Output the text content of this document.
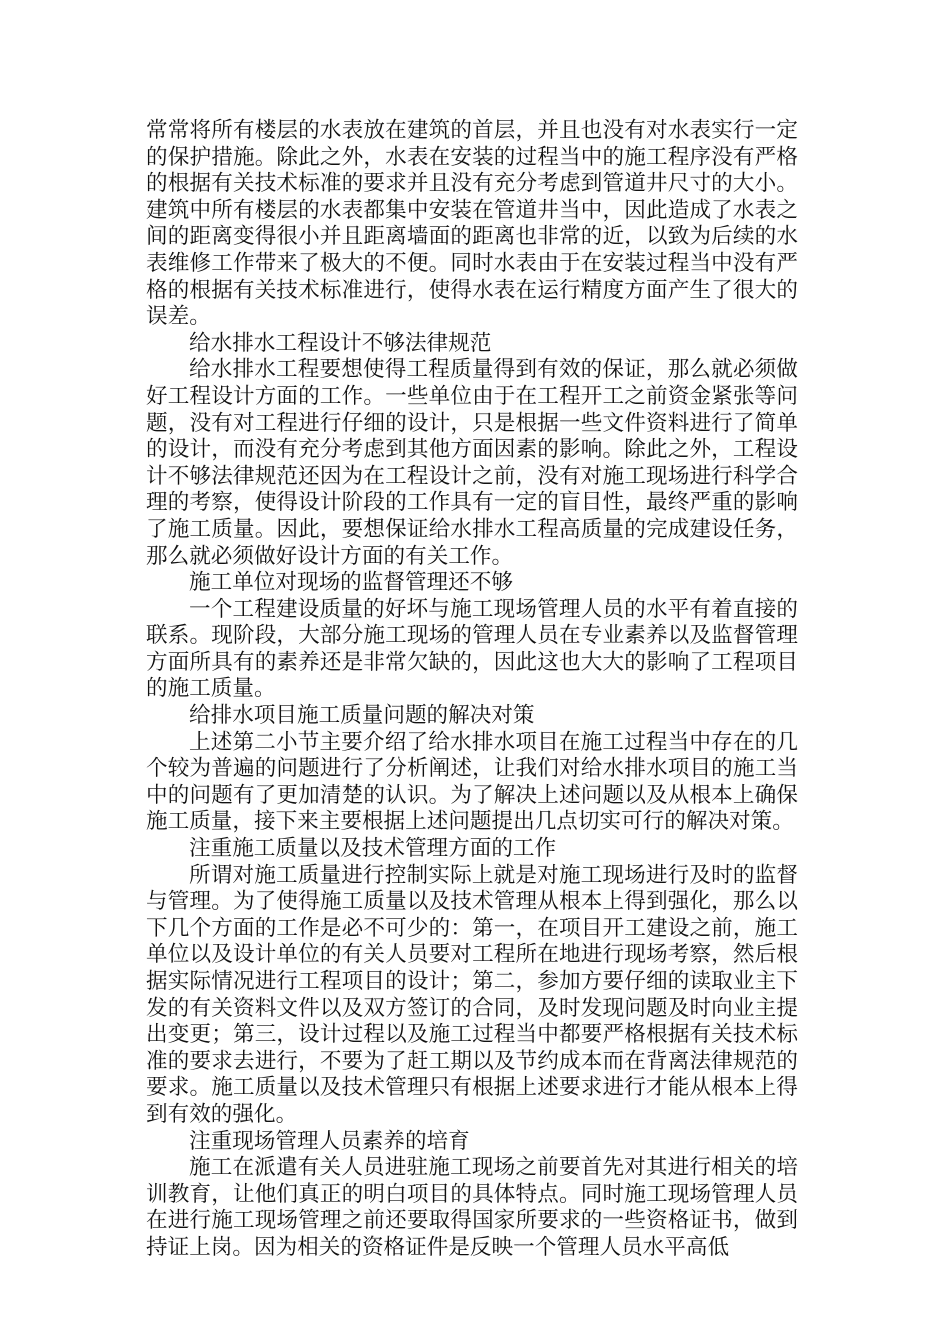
常常将所有楼层的水表放在建筑的首层，并且也没有对水表实行一定的保护措施。除此之外，水表在安装的过程当中的施工程序没有严格的根据有关技术标准的要求并且没有充分考虑到管道井尺寸的大小。建筑中所有楼层的水表都集中安装在管道井当中，因此造成了水表之间的距离变得很小并且距离墙面的距离也非常的近，以致为后续的水表维修工作带来了极大的不便。同时水表由于在安装过程当中没有严格的根据有关技术标准进行，使得水表在运行精度方面产生了很大的误差。

给水排水工程设计不够法律规范

给水排水工程要想使得工程质量得到有效的保证，那么就必须做好工程设计方面的工作。一些单位由于在工程开工之前资金紧张等问题，没有对工程进行仔细的设计，只是根据一些文件资料进行了简单的设计，而没有充分考虑到其他方面因素的影响。除此之外，工程设计不够法律规范还因为在工程设计之前，没有对施工现场进行科学合理的考察，使得设计阶段的工作具有一定的盲目性，最终严重的影响了施工质量。因此，要想保证给水排水工程高质量的完成建设任务，那么就必须做好设计方面的有关工作。

施工单位对现场的监督管理还不够

一个工程建设质量的好坏与施工现场管理人员的水平有着直接的联系。现阶段，大部分施工现场的管理人员在专业素养以及监督管理方面所具有的素养还是非常欠缺的，因此这也大大的影响了工程项目的施工质量。

给排水项目施工质量问题的解决对策

上述第二小节主要介绍了给水排水项目在施工过程当中存在的几个较为普遍的问题进行了分析阐述，让我们对给水排水项目的施工当中的问题有了更加清楚的认识。为了解决上述问题以及从根本上确保施工质量，接下来主要根据上述问题提出几点切实可行的解决对策。

注重施工质量以及技术管理方面的工作

所谓对施工质量进行控制实际上就是对施工现场进行及时的监督与管理。为了使得施工质量以及技术管理从根本上得到强化，那么以下几个方面的工作是必不可少的：第一，在项目开工建设之前，施工单位以及设计单位的有关人员要对工程所在地进行现场考察，然后根据实际情况进行工程项目的设计；第二，参加方要仔细的读取业主下发的有关资料文件以及双方签订的合同，及时发现问题及时向业主提出变更；第三，设计过程以及施工过程当中都要严格根据有关技术标准的要求去进行，不要为了赶工期以及节约成本而在背离法律规范的要求。施工质量以及技术管理只有根据上述要求进行才能从根本上得到有效的强化。

注重现场管理人员素养的培育

施工在派遣有关人员进驻施工现场之前要首先对其进行相关的培训教育，让他们真正的明白项目的具体特点。同时施工现场管理人员在进行施工现场管理之前还要取得国家所要求的一些资格证书，做到持证上岗。因为相关的资格证件是反映一个管理人员水平高低
